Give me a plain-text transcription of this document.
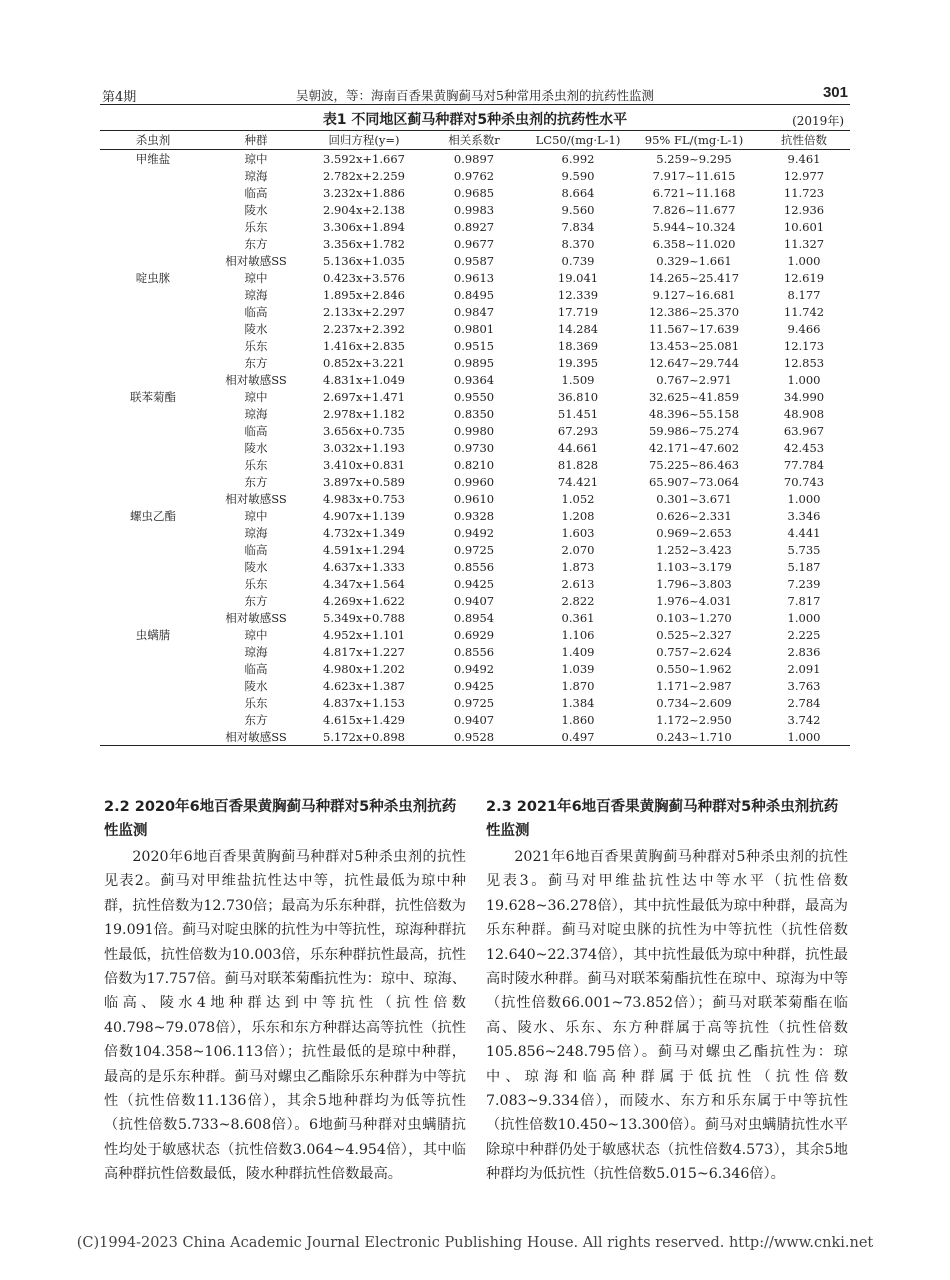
第4期	吴朝波，等：海南百香果黄胸蓟马对5种常用杀虫剂的抗药性监测	301
表1 不同地区蓟马种群对5种杀虫剂的抗药性水平	(2019年)
杀虫剂	种群	回归方程(y=)	相关系数r	LC50/(mg·L-1)	95% FL/(mg·L-1)	抗性倍数
甲维盐	琼中	3.592x+1.667	0.9897	6.992	5.259~9.295	9.461
	琼海	2.782x+2.259	0.9762	9.590	7.917~11.615	12.977
	临高	3.232x+1.886	0.9685	8.664	6.721~11.168	11.723
	陵水	2.904x+2.138	0.9983	9.560	7.826~11.677	12.936
	乐东	3.306x+1.894	0.8927	7.834	5.944~10.324	10.601
	东方	3.356x+1.782	0.9677	8.370	6.358~11.020	11.327
	相对敏感SS	5.136x+1.035	0.9587	0.739	0.329~1.661	1.000
啶虫脒	琼中	0.423x+3.576	0.9613	19.041	14.265~25.417	12.619
	琼海	1.895x+2.846	0.8495	12.339	9.127~16.681	8.177
	临高	2.133x+2.297	0.9847	17.719	12.386~25.370	11.742
	陵水	2.237x+2.392	0.9801	14.284	11.567~17.639	9.466
	乐东	1.416x+2.835	0.9515	18.369	13.453~25.081	12.173
	东方	0.852x+3.221	0.9895	19.395	12.647~29.744	12.853
	相对敏感SS	4.831x+1.049	0.9364	1.509	0.767~2.971	1.000
联苯菊酯	琼中	2.697x+1.471	0.9550	36.810	32.625~41.859	34.990
	琼海	2.978x+1.182	0.8350	51.451	48.396~55.158	48.908
	临高	3.656x+0.735	0.9980	67.293	59.986~75.274	63.967
	陵水	3.032x+1.193	0.9730	44.661	42.171~47.602	42.453
	乐东	3.410x+0.831	0.8210	81.828	75.225~86.463	77.784
	东方	3.897x+0.589	0.9960	74.421	65.907~73.064	70.743
	相对敏感SS	4.983x+0.753	0.9610	1.052	0.301~3.671	1.000
螺虫乙酯	琼中	4.907x+1.139	0.9328	1.208	0.626~2.331	3.346
	琼海	4.732x+1.349	0.9492	1.603	0.969~2.653	4.441
	临高	4.591x+1.294	0.9725	2.070	1.252~3.423	5.735
	陵水	4.637x+1.333	0.8556	1.873	1.103~3.179	5.187
	乐东	4.347x+1.564	0.9425	2.613	1.796~3.803	7.239
	东方	4.269x+1.622	0.9407	2.822	1.976~4.031	7.817
	相对敏感SS	5.349x+0.788	0.8954	0.361	0.103~1.270	1.000
虫螨腈	琼中	4.952x+1.101	0.6929	1.106	0.525~2.327	2.225
	琼海	4.817x+1.227	0.8556	1.409	0.757~2.624	2.836
	临高	4.980x+1.202	0.9492	1.039	0.550~1.962	2.091
	陵水	4.623x+1.387	0.9425	1.870	1.171~2.987	3.763
	乐东	4.837x+1.153	0.9725	1.384	0.734~2.609	2.784
	东方	4.615x+1.429	0.9407	1.860	1.172~2.950	3.742
	相对敏感SS	5.172x+0.898	0.9528	0.497	0.243~1.710	1.000
2.2 2020年6地百香果黄胸蓟马种群对5种杀虫剂抗药性监测
2020年6地百香果黄胸蓟马种群对5种杀虫剂的抗性见表2。蓟马对甲维盐抗性达中等，抗性最低为琼中种群，抗性倍数为12.730倍；最高为乐东种群，抗性倍数为19.091倍。蓟马对啶虫脒的抗性为中等抗性，琼海种群抗性最低，抗性倍数为10.003倍，乐东种群抗性最高，抗性倍数为17.757倍。蓟马对联苯菊酯抗性为：琼中、琼海、临高、陵水4地种群达到中等抗性（抗性倍数40.798~79.078倍），乐东和东方种群达高等抗性（抗性倍数104.358~106.113倍）；抗性最低的是琼中种群，最高的是乐东种群。蓟马对螺虫乙酯除乐东种群为中等抗性（抗性倍数11.136倍），其余5地种群均为低等抗性（抗性倍数5.733~8.608倍）。6地蓟马种群对虫螨腈抗性均处于敏感状态（抗性倍数3.064~4.954倍），其中临高种群抗性倍数最低，陵水种群抗性倍数最高。
2.3 2021年6地百香果黄胸蓟马种群对5种杀虫剂抗药性监测
2021年6地百香果黄胸蓟马种群对5种杀虫剂的抗性见表3。蓟马对甲维盐抗性达中等水平（抗性倍数19.628~36.278倍），其中抗性最低为琼中种群，最高为乐东种群。蓟马对啶虫脒的抗性为中等抗性（抗性倍数12.640~22.374倍），其中抗性最低为琼中种群，抗性最高时陵水种群。蓟马对联苯菊酯抗性在琼中、琼海为中等（抗性倍数66.001~73.852倍）；蓟马对联苯菊酯在临高、陵水、乐东、东方种群属于高等抗性（抗性倍数105.856~248.795倍）。蓟马对螺虫乙酯抗性为：琼中、琼海和临高种群属于低抗性（抗性倍数7.083~9.334倍），而陵水、东方和乐东属于中等抗性（抗性倍数10.450~13.300倍）。蓟马对虫螨腈抗性水平除琼中种群仍处于敏感状态（抗性倍数4.573），其余5地种群均为低抗性（抗性倍数5.015~6.346倍）。
(C)1994-2023 China Academic Journal Electronic Publishing House. All rights reserved. http://www.cnki.net
